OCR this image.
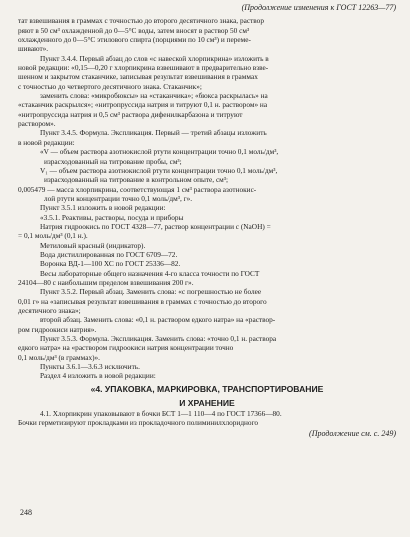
(Продолжение изменения к ГОСТ 12263—77)

тат взвешивания в граммах с точностью до второго десятичного знака, раствор

ряют в 50 см³ охлажденной до 0—5°С воды, затем вносят в раствор 50 см³

охлажденного до 0—5°С этилового спирта (порциями по 10 см³) и переме-

шивают».

Пункт 3.4.4. Первый абзац до слов «с навеской хлорпикрина» изложить в

новой редакции: «0,15—0,20 г хлорпикрина взвешивают в предварительно взве-

шенном и закрытом стаканчике, записывая результат взвешивания в граммах

с точностью до четвертого десятичного знака. Стаканчик»;

заменить слова: «микробюксы» на «стаканчика»; «бюкса раскрылась» на

«стаканчик раскрылся»; «нитропруссида натрия и титруют 0,1 н. раствором» на

«нитропруссида натрия и 0,5 см³ раствора дифенилкарбазона и титруют

раствором».

Пункт 3.4.5. Формула. Экспликация. Первый — третий абзацы изложить

в новой редакции:

«V — объем раствора азотнокислой ртути концентрации точно 0,1 моль/дм³,

израсходованный на титрование пробы, см³;

V₁ — объем раствора азотнокислой ртути концентрации точно 0,1 моль/дм³,

израсходованный на титрование в контрольном опыте, см³;

0,005479 — масса хлорпикрина, соответствующая 1 см³ раствора азотнокис-

лой ртути концентрации точно 0,1 моль/дм³, г».

Пункт 3.5.1 изложить в новой редакции:

«3.5.1. Реактивы, растворы, посуда и приборы

Натрия гидроокись по ГОСТ 4328—77, раствор концентрации с (NaOH) =

= 0,1 моль/дм³ (0,1 н.).

Метиловый красный (индикатор).

Вода дистиллированная по ГОСТ 6709—72.

Воронка ВД-1—100 ХС по ГОСТ 25336—82.

Весы лабораторные общего назначения 4-го класса точности по ГОСТ

24104—80 с наибольшим пределом взвешивания 200 г».

Пункт 3.5.2. Первый абзац. Заменить слова: «с погрешностью не более

0,01 г» на «записывая результат взвешивания в граммах с точностью до второго

десятичного знака»;

второй абзац. Заменить слова: «0,1 н. раствором едкого натра» на «раствор-

ром гидроокиси натрия».

Пункт 3.5.3. Формула. Экспликация. Заменить слова: «точно 0,1 н. раствора

едкого натра» на «раствором гидроокиси натрия концентрации точно

0,1 моль/дм³ (в граммах)».

Пункты 3.6.1—3.6.3 исключить.

Раздел 4 изложить в новой редакции:

«4. УПАКОВКА, МАРКИРОВКА, ТРАНСПОРТИРОВАНИЕ
И ХРАНЕНИЕ

4.1. Хлорпикрин упаковывают в бочки БСТ 1—1 110—4 по ГОСТ 17366—80.

Бочки герметизируют прокладками из прокладочного полиминилхлоридного

(Продолжение см. с. 249)
248
